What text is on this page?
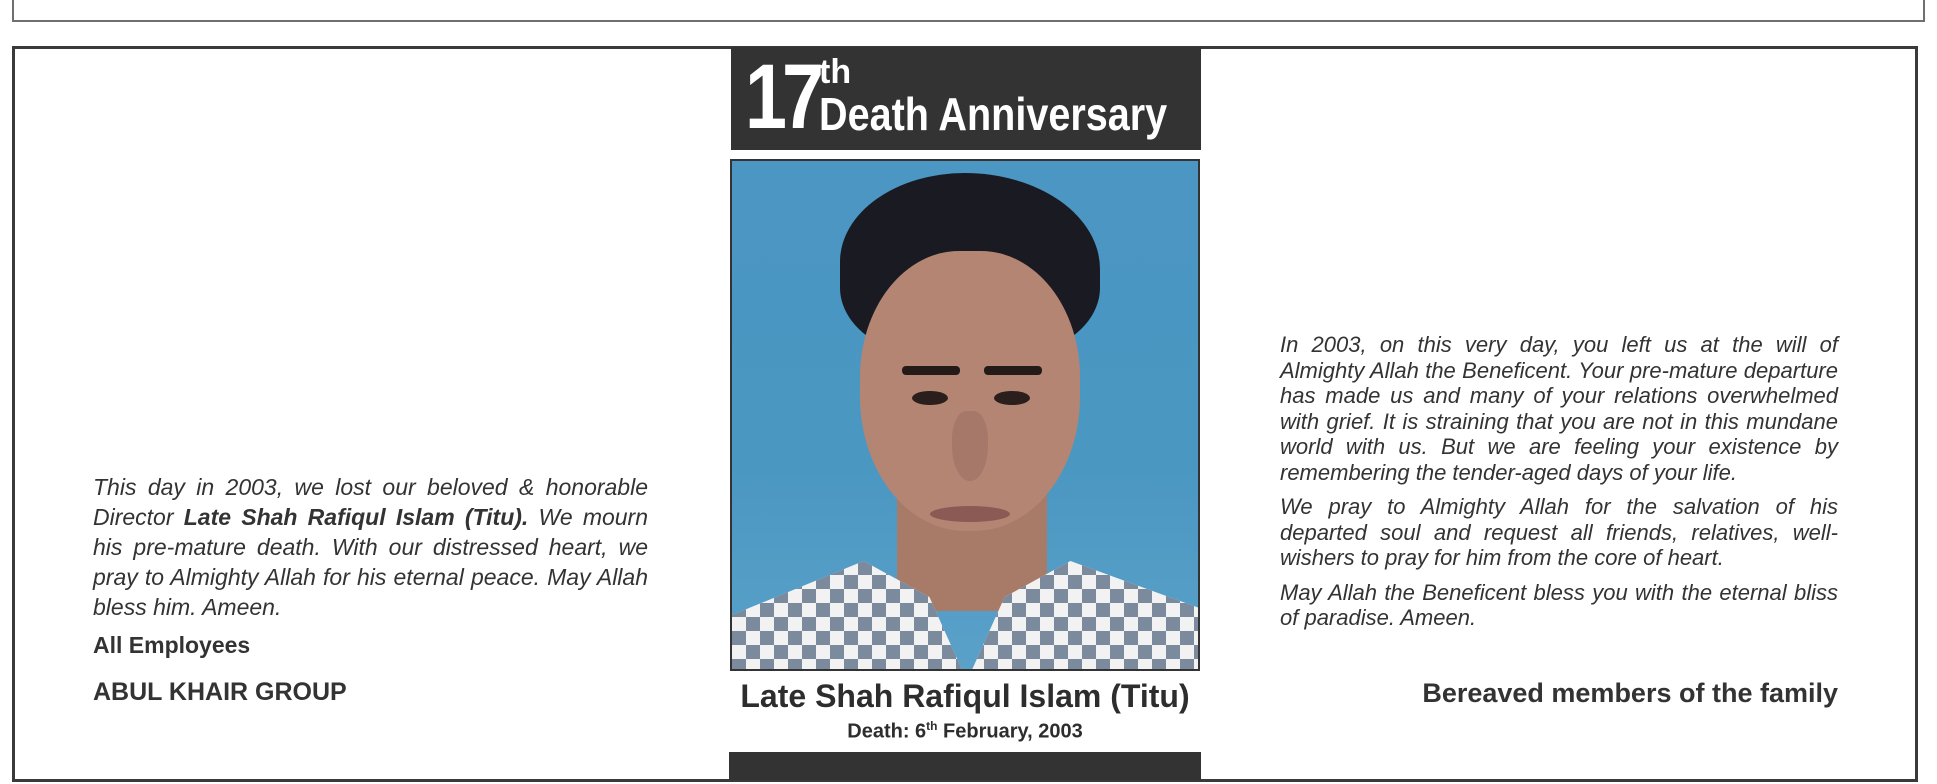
17 th
Death Anniversary
Late Shah Rafiqul Islam (Titu)
Death: 6th February, 2003
This day in 2003, we lost our beloved & honorable Director Late Shah Rafiqul Islam (Titu). We mourn his pre-mature death. With our distressed heart, we pray to Almighty Allah for his eternal peace. May Allah bless him. Ameen.
All Employees
ABUL KHAIR GROUP

In 2003, on this very day, you left us at the will of Almighty Allah the Beneficent. Your pre-mature departure has made us and many of your relations overwhelmed with grief. It is straining that you are not in this mundane world with us. But we are feeling your existence by remembering the tender-aged days of your life.

We pray to Almighty Allah for the salvation of his departed soul and request all friends, relatives, well-wishers to pray for him from the core of heart.

May Allah the Beneficent bless you with the eternal bliss of paradise. Ameen.

Bereaved members of the family
